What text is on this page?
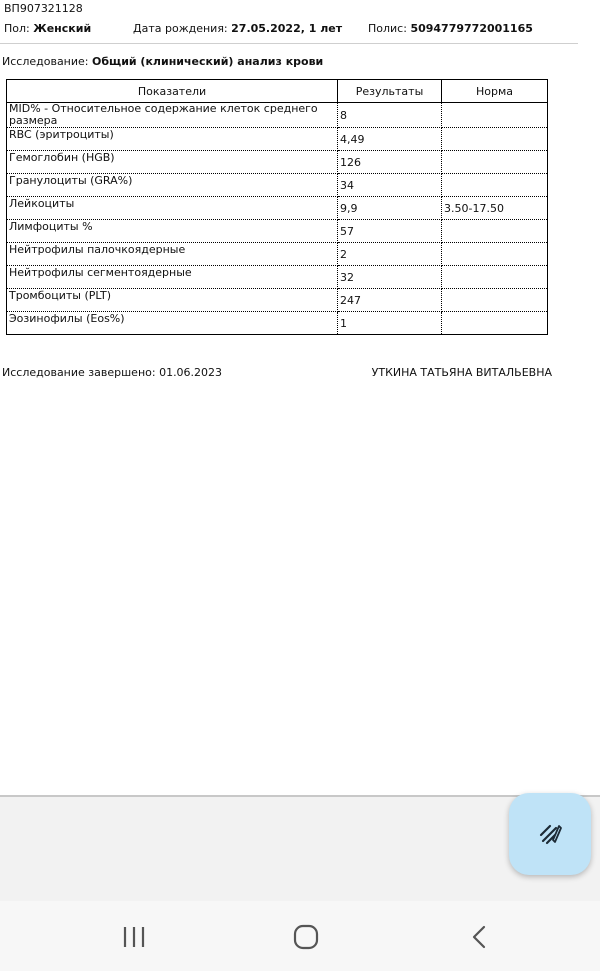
ВП907321128
Пол: Женский	Дата рождения: 27.05.2022, 1 лет	Полис: 5094779772001165
Исследование: Общий (клинический) анализ крови
Показатели	Результаты	Норма
MID% - Относительное содержание клеток среднего размера	8	
RBC (эритроциты)	4,49	
Гемоглобин (HGB)	126	
Гранулоциты (GRA%)	34	
Лейкоциты	9,9	3.50-17.50
Лимфоциты %	57	
Нейтрофилы палочкоядерные	2	
Нейтрофилы сегментоядерные	32	
Тромбоциты (PLT)	247	
Эозинофилы (Eos%)	1	
Исследование завершено: 01.06.2023	УТКИНА ТАТЬЯНА ВИТАЛЬЕВНА
